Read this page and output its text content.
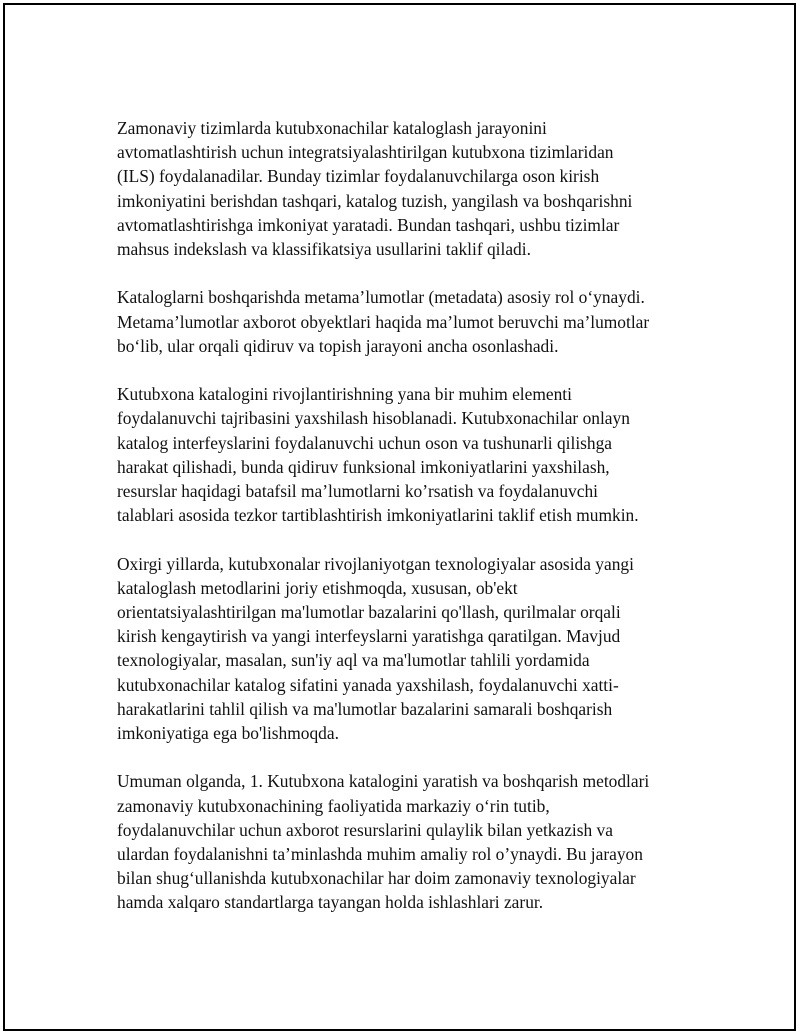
Zamonaviy tizimlarda kutubxonachilar kataloglash jarayonini
avtomatlashtirish uchun integratsiyalashtirilgan kutubxona tizimlaridan
(ILS) foydalanadilar. Bunday tizimlar foydalanuvchilarga oson kirish
imkoniyatini berishdan tashqari, katalog tuzish, yangilash va boshqarishni
avtomatlashtirishga imkoniyat yaratadi. Bundan tashqari, ushbu tizimlar
mahsus indekslash va klassifikatsiya usullarini taklif qiladi.

Kataloglarni boshqarishda metama’lumotlar (metadata) asosiy rol o‘ynaydi.
Metama’lumotlar axborot obyektlari haqida ma’lumot beruvchi ma’lumotlar
bo‘lib, ular orqali qidiruv va topish jarayoni ancha osonlashadi.

Kutubxona katalogini rivojlantirishning yana bir muhim elementi
foydalanuvchi tajribasini yaxshilash hisoblanadi. Kutubxonachilar onlayn
katalog interfeyslarini foydalanuvchi uchun oson va tushunarli qilishga
harakat qilishadi, bunda qidiruv funksional imkoniyatlarini yaxshilash,
resurslar haqidagi batafsil ma’lumotlarni ko’rsatish va foydalanuvchi
talablari asosida tezkor tartiblashtirish imkoniyatlarini taklif etish mumkin.

Oxirgi yillarda, kutubxonalar rivojlaniyotgan texnologiyalar asosida yangi
kataloglash metodlarini joriy etishmoqda, xususan, ob'ekt
orientatsiyalashtirilgan ma'lumotlar bazalarini qo'llash, qurilmalar orqali
kirish kengaytirish va yangi interfeyslarni yaratishga qaratilgan. Mavjud
texnologiyalar, masalan, sun'iy aql va ma'lumotlar tahlili yordamida
kutubxonachilar katalog sifatini yanada yaxshilash, foydalanuvchi xatti-
harakatlarini tahlil qilish va ma'lumotlar bazalarini samarali boshqarish
imkoniyatiga ega bo'lishmoqda.

Umuman olganda, 1. Kutubxona katalogini yaratish va boshqarish metodlari
zamonaviy kutubxonachining faoliyatida markaziy o‘rin tutib,
foydalanuvchilar uchun axborot resurslarini qulaylik bilan yetkazish va
ulardan foydalanishni ta’minlashda muhim amaliy rol o’ynaydi. Bu jarayon
bilan shug‘ullanishda kutubxonachilar har doim zamonaviy texnologiyalar
hamda xalqaro standartlarga tayangan holda ishlashlari zarur.
